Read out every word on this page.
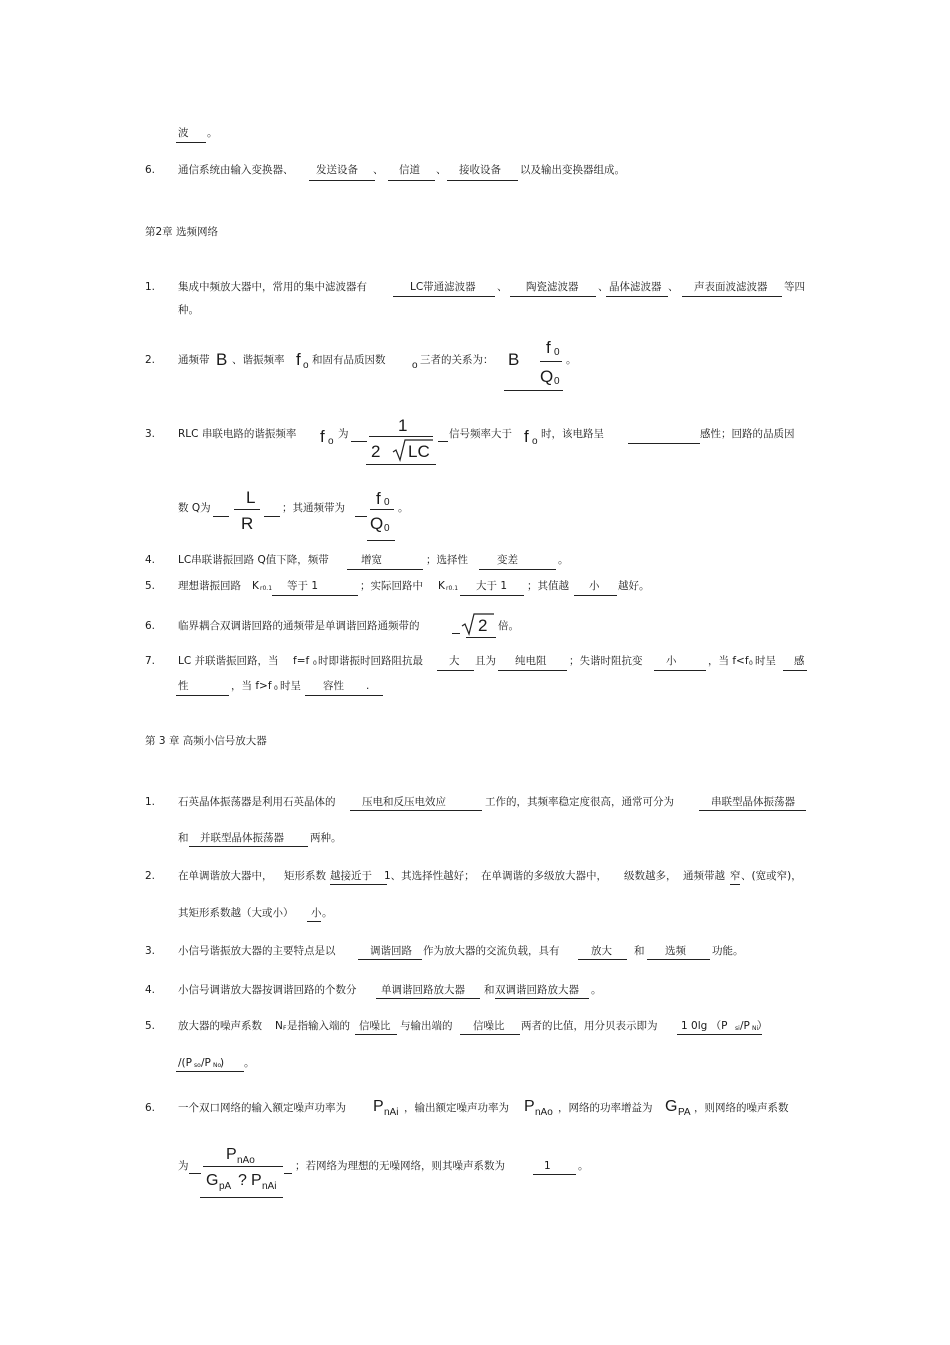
波 。
6. 通信系统由输入变换器、 发送设备 、 信道 、 接收设备 以及输出变换器组成。
第2章 选频网络
1. 集成中频放大器中，常用的集中滤波器有	LC带通滤波器 、 陶瓷滤波器 、 晶体滤波器 、 声表面波滤波器 等四
种。
2. 通频带 B 、谐振频率 f o 和固有品质因数	o 三者的关系为： B
f 0
Q 0
。
3. RLC 串联电路的谐振频率 f o
为	1
2 LC
信号频率大于 f o
时，该电路呈	感性；回路的品质因
数 Q为
L
R
；其通频带为 f 0
Q 0
。
4. LC串联谐振回路 Q值下降，频带	增宽	；选择性	变差	。
5. 理想谐振回路 K r0.1 等于 1	；实际回路中 K r0.1 大于 1 ；其值越 小 越好。
6. 临界耦合双调谐回路的通频带是单调谐回路通频带的	2 倍。
7. LC 并联谐振回路，当 f=f 0 时即谐振时回路阻抗最 大 且为 纯电阻 ；失谐时阻抗变 小	，当 f<f 0 时呈 感
性	，当 f>f 0 时呈 容性 .
第 3 章 高频小信号放大器
1. 石英晶体振荡器是利用石英晶体的	压电和反压电效应	工作的，其频率稳定度很高，通常可分为	串联型晶体振荡器
和 并联型晶体振荡器 两种。
2. 在单调谐放大器中， 矩形系数 越接近于 1、其选择性越好； 在单调谐的多级放大器中， 级数越多， 通频带越 窄 、(宽或窄)，
其矩形系数越（大或小） 小 。
3. 小信号谐振放大器的主要特点是以	调谐回路 作为放大器的交流负载，具有	放大 和 选频 功能。
4. 小信号调谐放大器按调谐回路的个数分 单调谐回路放大器 和 双调谐回路放大器 。
5. 放大器的噪声系数 N F 是指输入端的 信噪比 与输出端的 信噪比 两者的比值，用分贝表示即为 1 0lg （P si /P Ni
）
/(P so /P No
) 。
6. 一个双口网络的输入额定噪声功率为 P nAi ，输出额定噪声功率为 P nAo ，网络的功率增益为 G PA ，则网络的噪声系数
为
P nAo
G pA ? P nAi
；若网络为理想的无噪网络，则其噪声系数为	1	。
